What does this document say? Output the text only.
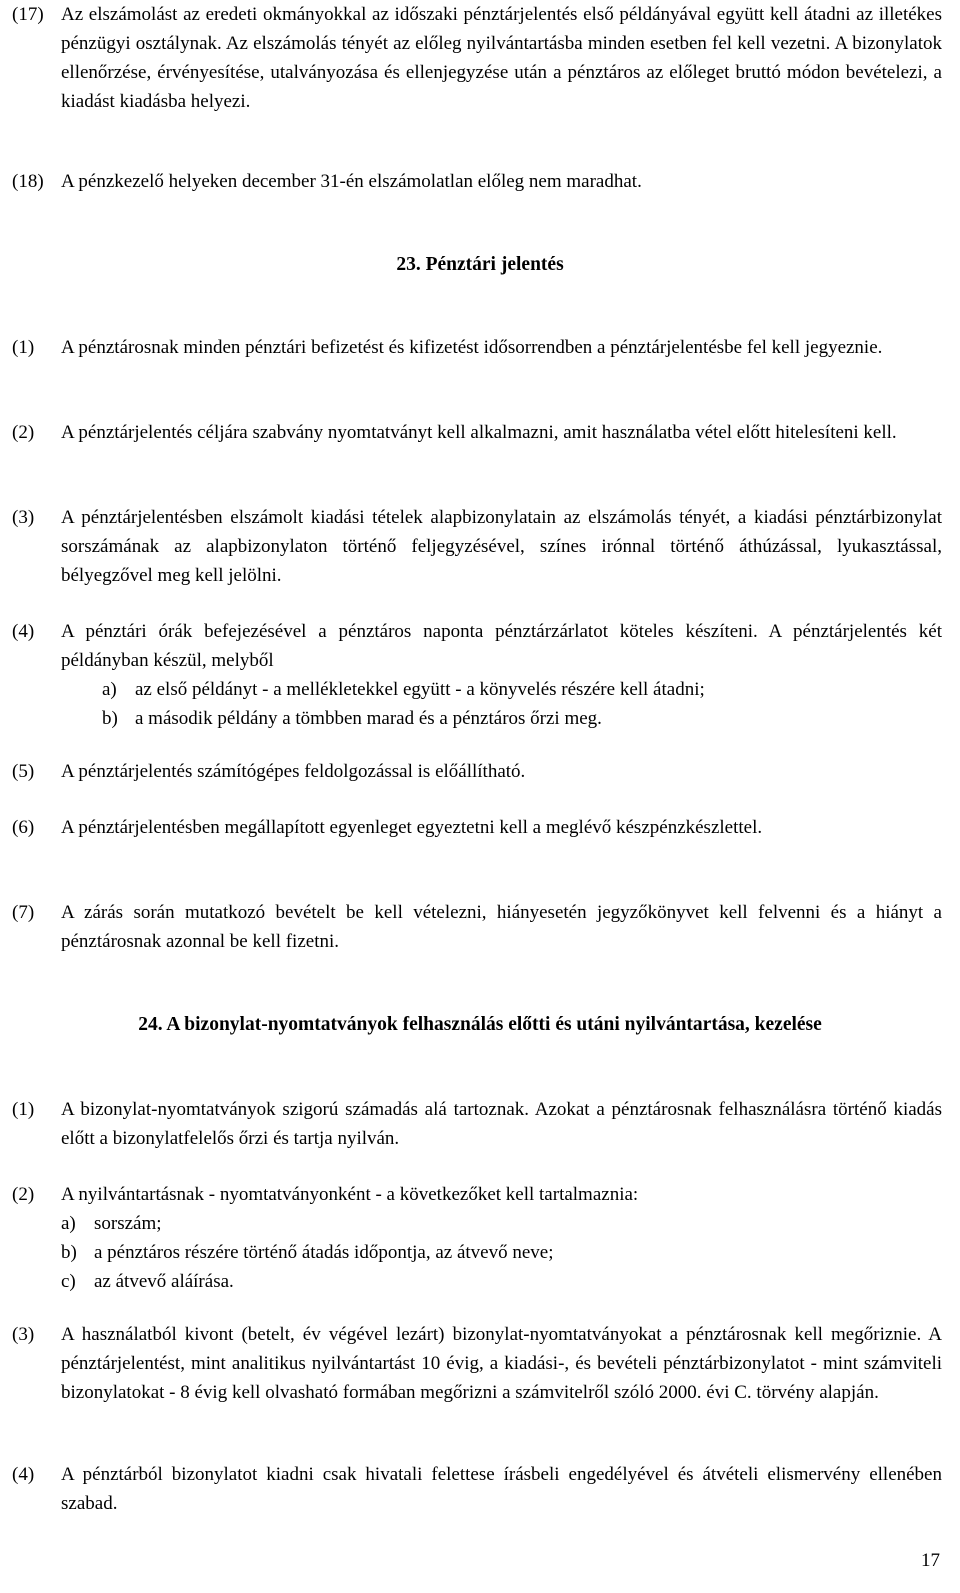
(17) Az elszámolást az eredeti okmányokkal az időszaki pénztárjelentés első példányával együtt kell átadni az illetékes pénzügyi osztálynak. Az elszámolás tényét az előleg nyilvántartásba minden esetben fel kell vezetni. A bizonylatok ellenőrzése, érvényesítése, utalványozása és ellenjegyzése után a pénztáros az előleget bruttó módon bevételezi, a kiadást kiadásba helyezi.
(18) A pénzkezelő helyeken december 31-én elszámolatlan előleg nem maradhat.
23. Pénztári jelentés
(1) A pénztárosnak minden pénztári befizetést és kifizetést idősorrendben a pénztárjelentésbe fel kell jegyeznie.
(2) A pénztárjelentés céljára szabvány nyomtatványt kell alkalmazni, amit használatba vétel előtt hitelesíteni kell.
(3) A pénztárjelentésben elszámolt kiadási tételek alapbizonylatain az elszámolás tényét, a kiadási pénztárbizonylat sorszámának az alapbizonylaton történő feljegyzésével, színes irónnal történő áthúzással, lyukasztással, bélyegzővel meg kell jelölni.
(4) A pénztári órák befejezésével a pénztáros naponta pénztárzárlatot köteles készíteni. A pénztárjelentés két példányban készül, melyből
a) az első példányt - a mellékletekkel együtt - a könyvelés részére kell átadni;
b) a második példány a tömbben marad és a pénztáros őrzi meg.
(5) A pénztárjelentés számítógépes feldolgozással is előállítható.
(6) A pénztárjelentésben megállapított egyenleget egyeztetni kell a meglévő készpénzkészlettel.
(7) A zárás során mutatkozó bevételt be kell vételezni, hiányesetén jegyzőkönyvet kell felvenni és a hiányt a pénztárosnak azonnal be kell fizetni.
24. A bizonylat-nyomtatványok felhasználás előtti és utáni nyilvántartása, kezelése
(1) A bizonylat-nyomtatványok szigorú számadás alá tartoznak. Azokat a pénztárosnak felhasználásra történő kiadás előtt a bizonylatfelelős őrzi és tartja nyilván.
(2) A nyilvántartásnak - nyomtatványonként - a következőket kell tartalmaznia:
a) sorszám;
b) a pénztáros részére történő átadás időpontja, az átvevő neve;
c) az átvevő aláírása.
(3) A használatból kivont (betelt, év végével lezárt) bizonylat-nyomtatványokat a pénztárosnak kell megőriznie. A pénztárjelentést, mint analitikus nyilvántartást 10 évig, a kiadási-, és bevételi pénztárbizonylatot - mint számviteli bizonylatokat - 8 évig kell olvasható formában megőrizni a számvitelről szóló 2000. évi C. törvény alapján.
(4) A pénztárból bizonylatot kiadni csak hivatali felettese írásbeli engedélyével és átvételi elismervény ellenében szabad.
17
